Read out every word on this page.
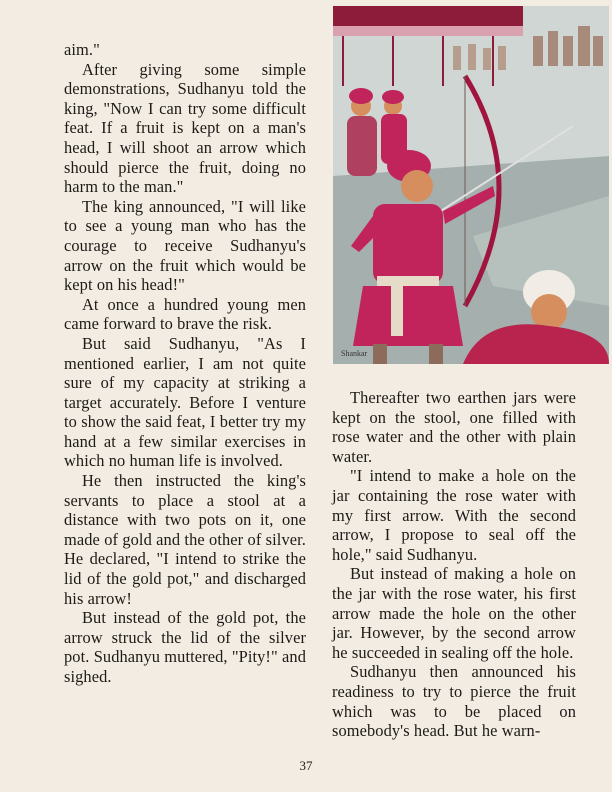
aim."

After giving some simple demonstrations, Sudhanyu told the king, "Now I can try some difficult feat. If a fruit is kept on a man's head, I will shoot an arrow which should pierce the fruit, doing no harm to the man."

The king announced, "I will like to see a young man who has the courage to receive Sudhanyu's arrow on the fruit which would be kept on his head!"

At once a hundred young men came forward to brave the risk.

But said Sudhanyu, "As I mentioned earlier, I am not quite sure of my capacity at striking a target accurately. Before I venture to show the said feat, I better try my hand at a few similar exercises in which no human life is involved.

He then instructed the king's servants to place a stool at a distance with two pots on it, one made of gold and the other of silver. He declared, "I intend to strike the lid of the gold pot," and discharged his arrow!

But instead of the gold pot, the arrow struck the lid of the silver pot. Sudhanyu muttered, "Pity!" and sighed.

Shankar

Thereafter two earthen jars were kept on the stool, one filled with rose water and the other with plain water.

"I intend to make a hole on the jar containing the rose water with my first arrow. With the second arrow, I propose to seal off the hole," said Sudhanyu.

But instead of making a hole on the jar with the rose water, his first arrow made the hole on the other jar. However, by the second arrow he succeeded in sealing off the hole.

Sudhanyu then announced his readiness to try to pierce the fruit which was to be placed on somebody's head. But he warn-

37
